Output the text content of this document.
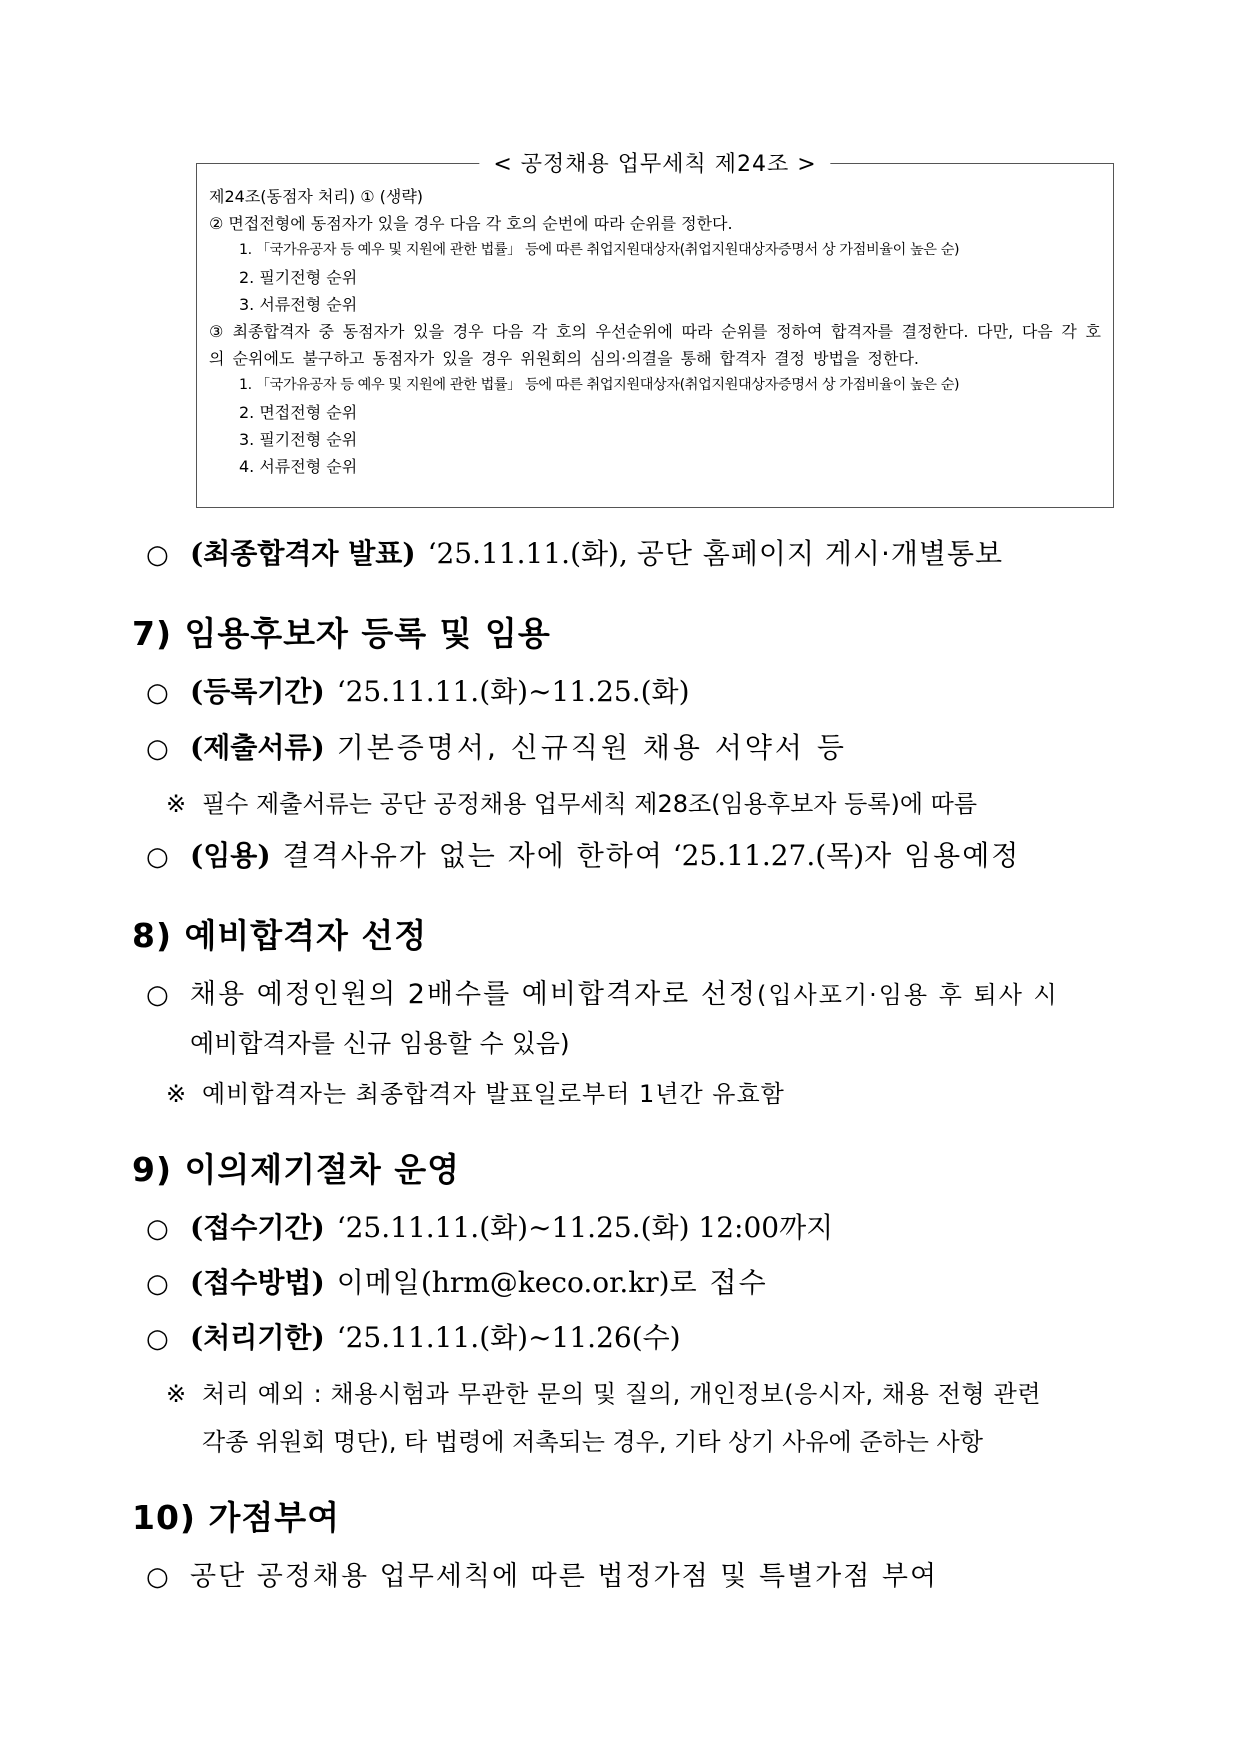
< 공정채용 업무세칙 제24조 >
제24조(동점자 처리) ① (생략)
② 면접전형에 동점자가 있을 경우 다음 각 호의 순번에 따라 순위를 정한다.
1. 「국가유공자 등 예우 및 지원에 관한 법률」 등에 따른 취업지원대상자(취업지원대상자증명서 상 가점비율이 높은 순)
2. 필기전형 순위
3. 서류전형 순위
③ 최종합격자 중 동점자가 있을 경우 다음 각 호의 우선순위에 따라 순위를 정하여 합격자를 결정한다. 다만, 다음 각 호의 순위에도 불구하고 동점자가 있을 경우 위원회의 심의·의결을 통해 합격자 결정 방법을 정한다.
1. 「국가유공자 등 예우 및 지원에 관한 법률」 등에 따른 취업지원대상자(취업지원대상자증명서 상 가점비율이 높은 순)
2. 면접전형 순위
3. 필기전형 순위
4. 서류전형 순위
○ (최종합격자 발표) ‘25.11.11.(화), 공단 홈페이지 게시·개별통보
7) 임용후보자 등록 및 임용
○ (등록기간) ‘25.11.11.(화)∼11.25.(화)
○ (제출서류) 기본증명서, 신규직원 채용 서약서 등
※ 필수 제출서류는 공단 공정채용 업무세칙 제28조(임용후보자 등록)에 따름
○ (임용) 결격사유가 없는 자에 한하여 ‘25.11.27.(목)자 임용예정
8) 예비합격자 선정
○ 채용 예정인원의 2배수를 예비합격자로 선정(입사포기·임용 후 퇴사 시
예비합격자를 신규 임용할 수 있음)
※ 예비합격자는 최종합격자 발표일로부터 1년간 유효함
9) 이의제기절차 운영
○ (접수기간) ‘25.11.11.(화)∼11.25.(화) 12:00까지
○ (접수방법) 이메일(hrm@keco.or.kr)로 접수
○ (처리기한) ‘25.11.11.(화)∼11.26(수)
※ 처리 예외 : 채용시험과 무관한 문의 및 질의, 개인정보(응시자, 채용 전형 관련
각종 위원회 명단), 타 법령에 저촉되는 경우, 기타 상기 사유에 준하는 사항
10) 가점부여
○ 공단 공정채용 업무세칙에 따른 법정가점 및 특별가점 부여
